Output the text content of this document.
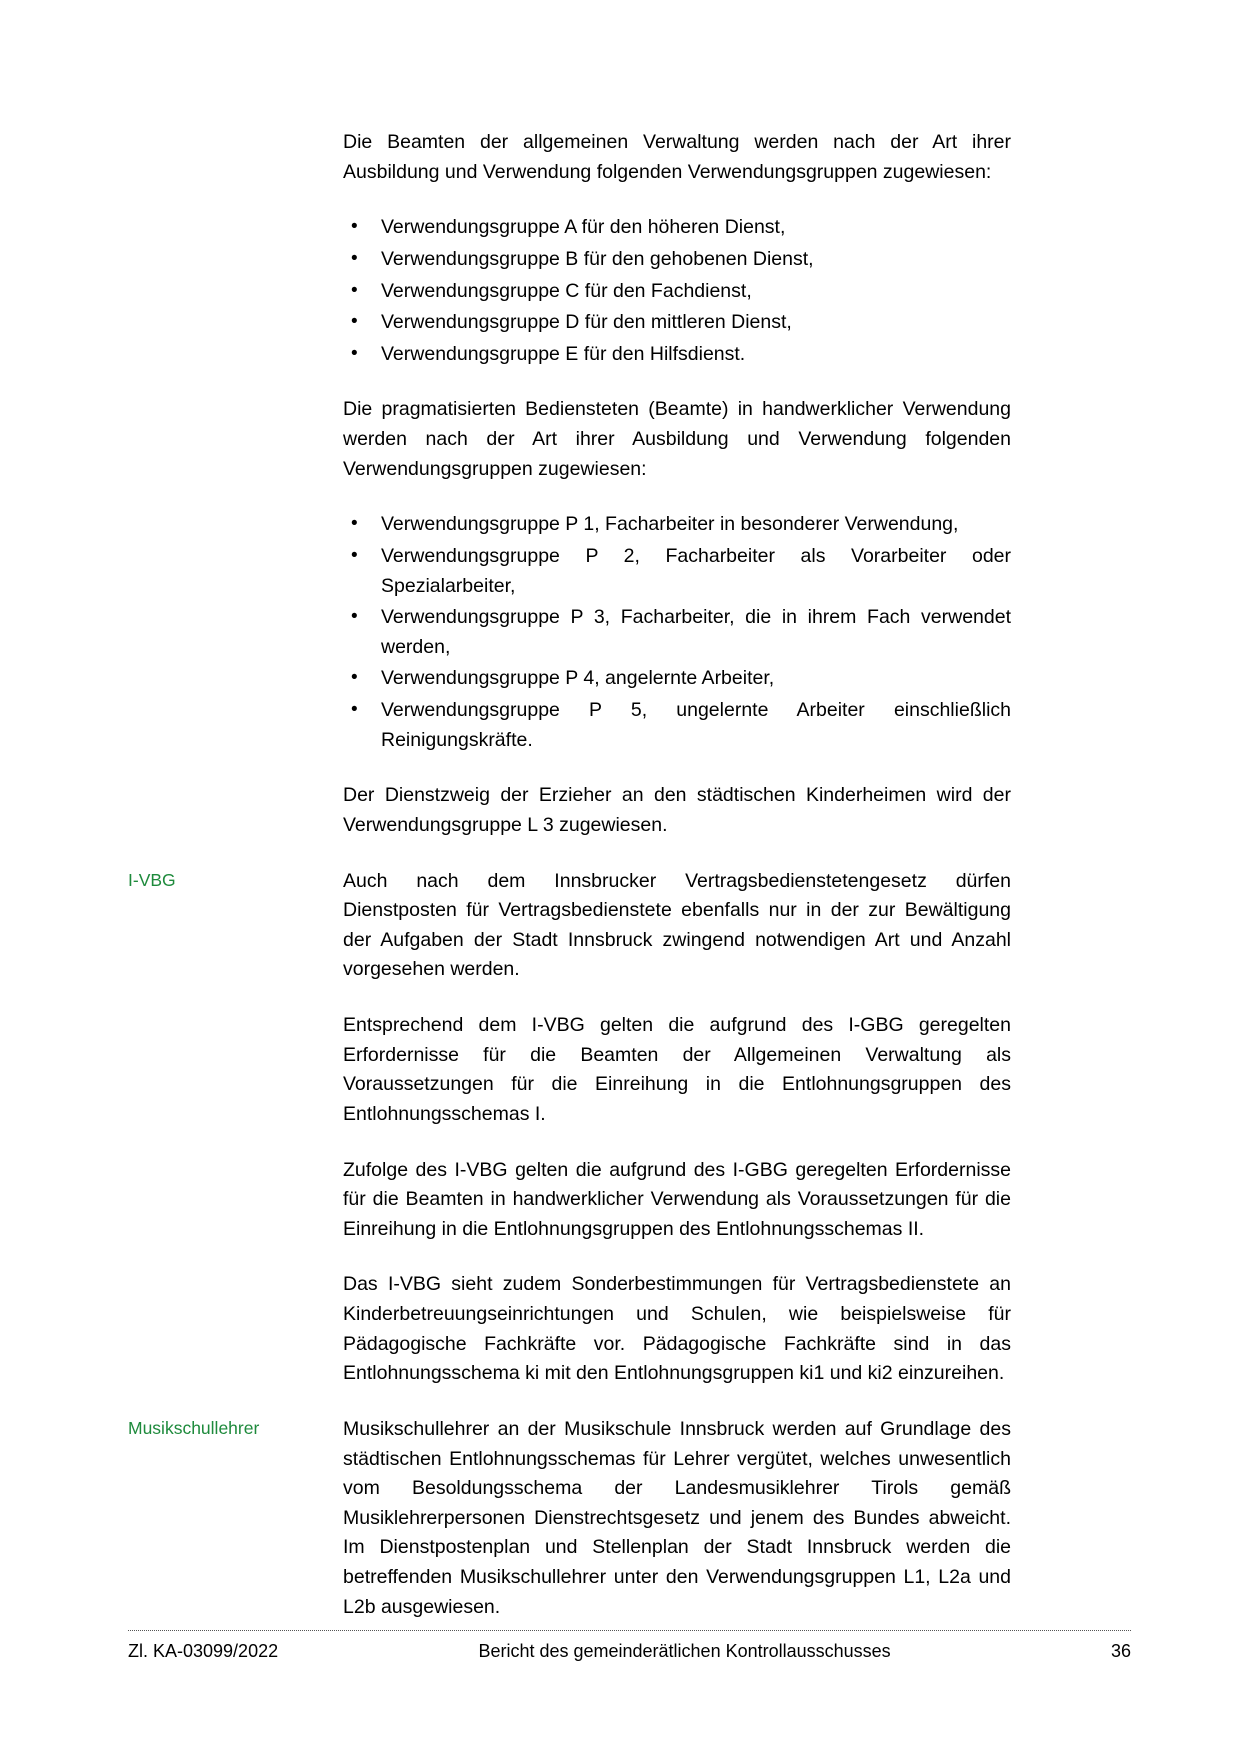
Die Beamten der allgemeinen Verwaltung werden nach der Art ihrer Ausbildung und Verwendung folgenden Verwendungsgruppen zugewiesen:

• Verwendungsgruppe A für den höheren Dienst,
• Verwendungsgruppe B für den gehobenen Dienst,
• Verwendungsgruppe C für den Fachdienst,
• Verwendungsgruppe D für den mittleren Dienst,
• Verwendungsgruppe E für den Hilfsdienst.

Die pragmatisierten Bediensteten (Beamte) in handwerklicher Verwendung werden nach der Art ihrer Ausbildung und Verwendung folgenden Verwendungsgruppen zugewiesen:

• Verwendungsgruppe P 1, Facharbeiter in besonderer Verwendung,
• Verwendungsgruppe P 2, Facharbeiter als Vorarbeiter oder Spezialarbeiter,
• Verwendungsgruppe P 3, Facharbeiter, die in ihrem Fach verwendet werden,
• Verwendungsgruppe P 4, angelernte Arbeiter,
• Verwendungsgruppe P 5, ungelernte Arbeiter einschließlich Reinigungskräfte.

Der Dienstzweig der Erzieher an den städtischen Kinderheimen wird der Verwendungsgruppe L 3 zugewiesen.

I-VBG	Auch nach dem Innsbrucker Vertragsbedienstetengesetz dürfen Dienstposten für Vertragsbedienstete ebenfalls nur in der zur Bewältigung der Aufgaben der Stadt Innsbruck zwingend notwendigen Art und Anzahl vorgesehen werden.

Entsprechend dem I-VBG gelten die aufgrund des I-GBG geregelten Erfordernisse für die Beamten der Allgemeinen Verwaltung als Voraussetzungen für die Einreihung in die Entlohnungsgruppen des Entlohnungsschemas I.

Zufolge des I-VBG gelten die aufgrund des I-GBG geregelten Erfordernisse für die Beamten in handwerklicher Verwendung als Voraussetzungen für die Einreihung in die Entlohnungsgruppen des Entlohnungsschemas II.

Das I-VBG sieht zudem Sonderbestimmungen für Vertragsbedienstete an Kinderbetreuungseinrichtungen und Schulen, wie beispielsweise für Pädagogische Fachkräfte vor. Pädagogische Fachkräfte sind in das Entlohnungsschema ki mit den Entlohnungsgruppen ki1 und ki2 einzureihen.

Musikschullehrer	Musikschullehrer an der Musikschule Innsbruck werden auf Grundlage des städtischen Entlohnungsschemas für Lehrer vergütet, welches unwesentlich vom Besoldungsschema der Landesmusiklehrer Tirols gemäß Musiklehrerpersonen Dienstrechtsgesetz und jenem des Bundes abweicht. Im Dienstpostenplan und Stellenplan der Stadt Innsbruck werden die betreffenden Musikschullehrer unter den Verwendungsgruppen L1, L2a und L2b ausgewiesen.

Zl. KA-03099/2022	Bericht des gemeinderätlichen Kontrollausschusses	36
